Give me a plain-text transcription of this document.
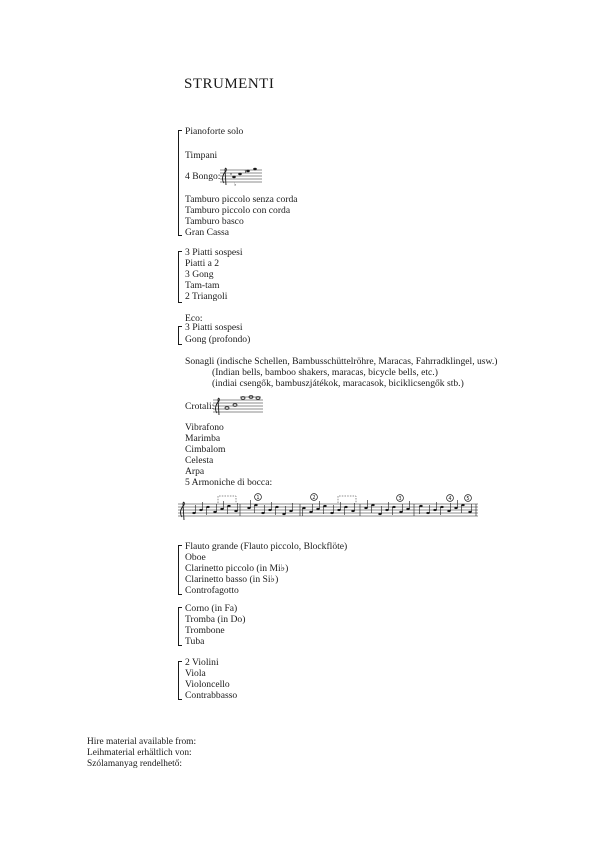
STRUMENTI
Pianoforte solo
Timpani
4 Bongo:
♭
Tamburo piccolo senza corda
Tamburo piccolo con corda
Tamburo basco
Gran Cassa
3 Piatti sospesi
Piatti a 2
3 Gong
Tam-tam
2 Triangoli
Eco:
3 Piatti sospesi
Gong (profondo)
Sonagli (indische Schellen, Bambusschüttelröhre, Maracas, Fahrradklingel, usw.)
(Indian bells, bamboo shakers, maracas, bicycle bells, etc.)
(indiai csengők, bambuszjátékok, maracasok, biciklicsengők stb.)
Crotali:
Vibrafono
Marimba
Cimbalom
Celesta
Arpa
5 Armoniche di bocca:
1	2	3	4	5
Flauto grande (Flauto piccolo, Blockflöte)
Oboe
Clarinetto piccolo (in Mi♭)
Clarinetto basso (in Si♭)
Controfagotto
Corno (in Fa)
Tromba (in Do)
Trombone
Tuba
2 Violini
Viola
Violoncello
Contrabbasso
Hire material available from:
Leihmaterial erhältlich von:
Szólamanyag rendelhető:
